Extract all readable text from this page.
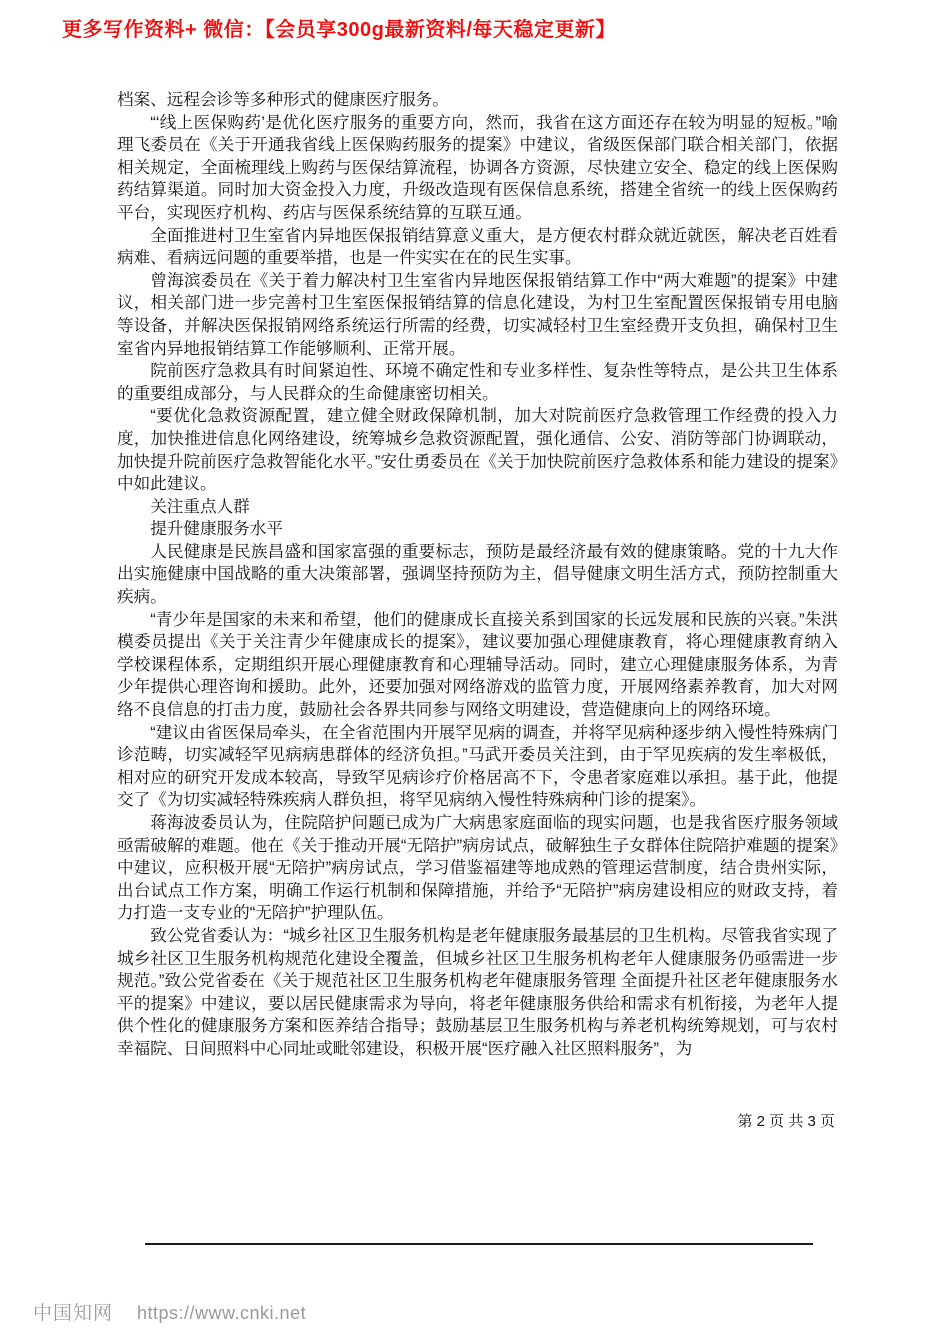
更多写作资料+ 微信：【会员享300g最新资料/每天稳定更新】

档案、远程会诊等多种形式的健康医疗服务。

“‘线上医保购药’是优化医疗服务的重要方向，然而，我省在这方面还存在较为明显的短板。”喻理飞委员在《关于开通我省线上医保购药服务的提案》中建议，省级医保部门联合相关部门，依据相关规定，全面梳理线上购药与医保结算流程，协调各方资源，尽快建立安全、稳定的线上医保购药结算渠道。同时加大资金投入力度，升级改造现有医保信息系统，搭建全省统一的线上医保购药平台，实现医疗机构、药店与医保系统结算的互联互通。

全面推进村卫生室省内异地医保报销结算意义重大，是方便农村群众就近就医，解决老百姓看病难、看病远问题的重要举措，也是一件实实在在的民生实事。

曾海滨委员在《关于着力解决村卫生室省内异地医保报销结算工作中“两大难题”的提案》中建议，相关部门进一步完善村卫生室医保报销结算的信息化建设，为村卫生室配置医保报销专用电脑等设备，并解决医保报销网络系统运行所需的经费，切实减轻村卫生室经费开支负担，确保村卫生室省内异地报销结算工作能够顺利、正常开展。

院前医疗急救具有时间紧迫性、环境不确定性和专业多样性、复杂性等特点，是公共卫生体系的重要组成部分，与人民群众的生命健康密切相关。

“要优化急救资源配置，建立健全财政保障机制，加大对院前医疗急救管理工作经费的投入力度，加快推进信息化网络建设，统筹城乡急救资源配置，强化通信、公安、消防等部门协调联动，加快提升院前医疗急救智能化水平。”安仕勇委员在《关于加快院前医疗急救体系和能力建设的提案》中如此建议。

关注重点人群

提升健康服务水平

人民健康是民族昌盛和国家富强的重要标志，预防是最经济最有效的健康策略。党的十九大作出实施健康中国战略的重大决策部署，强调坚持预防为主，倡导健康文明生活方式，预防控制重大疾病。

“青少年是国家的未来和希望，他们的健康成长直接关系到国家的长远发展和民族的兴衰。”朱洪模委员提出《关于关注青少年健康成长的提案》，建议要加强心理健康教育，将心理健康教育纳入学校课程体系，定期组织开展心理健康教育和心理辅导活动。同时，建立心理健康服务体系，为青少年提供心理咨询和援助。此外，还要加强对网络游戏的监管力度，开展网络素养教育，加大对网络不良信息的打击力度，鼓励社会各界共同参与网络文明建设，营造健康向上的网络环境。

“建议由省医保局牵头，在全省范围内开展罕见病的调查，并将罕见病种逐步纳入慢性特殊病门诊范畴，切实减轻罕见病病患群体的经济负担。”马武开委员关注到，由于罕见疾病的发生率极低，相对应的研究开发成本较高，导致罕见病诊疗价格居高不下，令患者家庭难以承担。基于此，他提交了《为切实减轻特殊疾病人群负担，将罕见病纳入慢性特殊病种门诊的提案》。

蒋海波委员认为，住院陪护问题已成为广大病患家庭面临的现实问题，也是我省医疗服务领域亟需破解的难题。他在《关于推动开展“无陪护”病房试点，破解独生子女群体住院陪护难题的提案》中建议，应积极开展“无陪护”病房试点，学习借鉴福建等地成熟的管理运营制度，结合贵州实际，出台试点工作方案，明确工作运行机制和保障措施，并给予“无陪护”病房建设相应的财政支持，着力打造一支专业的“无陪护”护理队伍。

致公党省委认为：“城乡社区卫生服务机构是老年健康服务最基层的卫生机构。尽管我省实现了城乡社区卫生服务机构规范化建设全覆盖，但城乡社区卫生服务机构老年人健康服务仍亟需进一步规范。”致公党省委在《关于规范社区卫生服务机构老年健康服务管理 全面提升社区老年健康服务水平的提案》中建议，要以居民健康需求为导向，将老年健康服务供给和需求有机衔接，为老年人提供个性化的健康服务方案和医养结合指导；鼓励基层卫生服务机构与养老机构统筹规划，可与农村幸福院、日间照料中心同址或毗邻建设，积极开展“医疗融入社区照料服务”，为

第 2 页 共 3 页
中国知网 https://www.cnki.net
